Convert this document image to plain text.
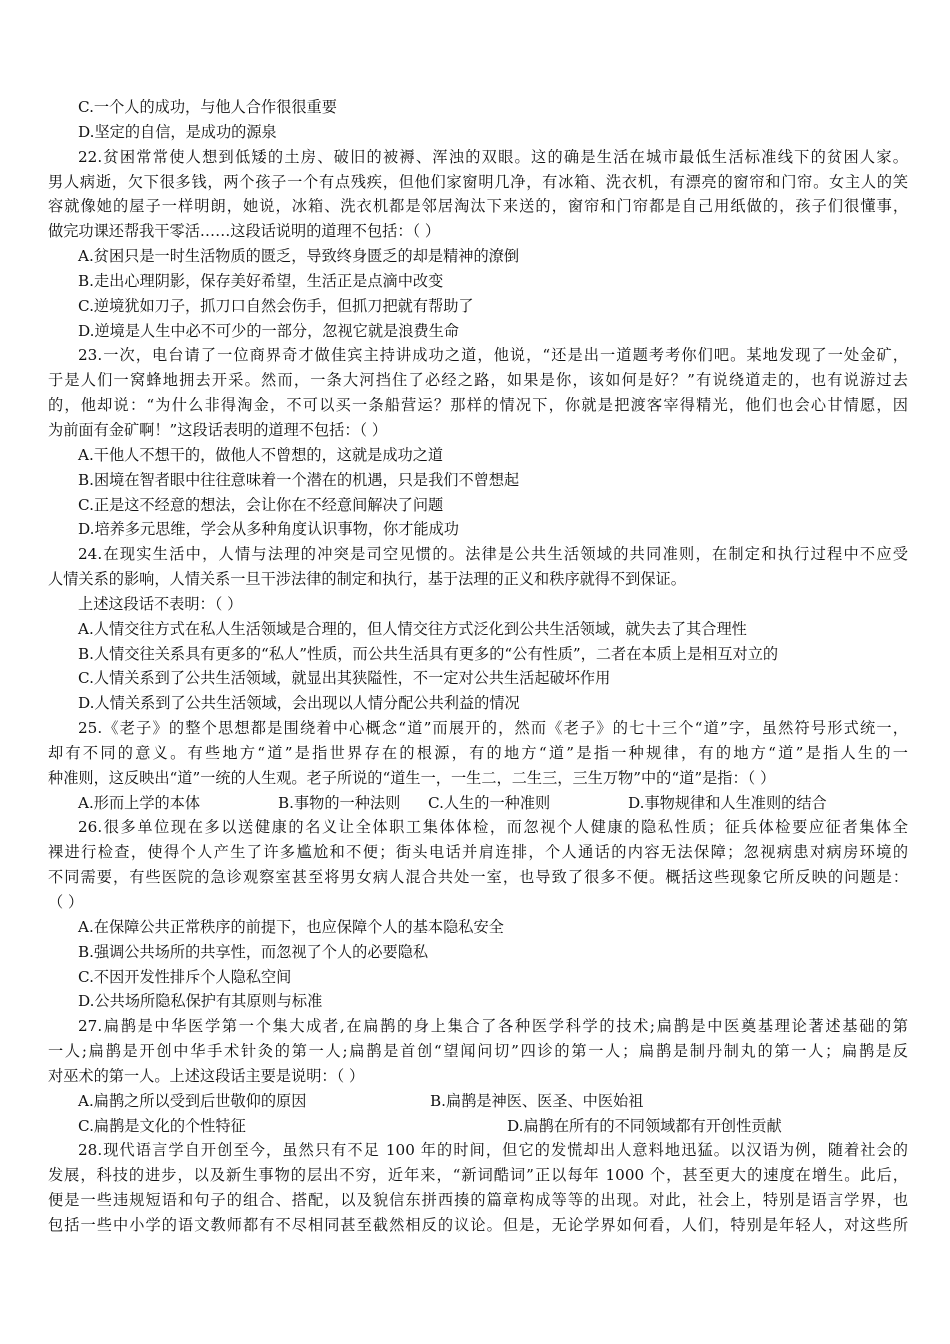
C.一个人的成功，与他人合作很很重要
D.坚定的自信，是成功的源泉
22.贫困常常使人想到低矮的土房、破旧的被褥、浑浊的双眼。这的确是生活在城市最低生活标准线下的贫困人家。
男人病逝，欠下很多钱，两个孩子一个有点残疾，但他们家窗明几净，有冰箱、洗衣机，有漂亮的窗帘和门帘。女主人的笑
容就像她的屋子一样明朗，她说，冰箱、洗衣机都是邻居淘汰下来送的，窗帘和门帘都是自己用纸做的，孩子们很懂事，
做完功课还帮我干零活……这段话说明的道理不包括：（ ）
A.贫困只是一时生活物质的匮乏，导致终身匮乏的却是精神的潦倒
B.走出心理阴影，保存美好希望，生活正是点滴中改变
C.逆境犹如刀子，抓刀口自然会伤手，但抓刀把就有帮助了
D.逆境是人生中必不可少的一部分，忽视它就是浪费生命
23.一次，电台请了一位商界奇才做佳宾主持讲成功之道，他说，“还是出一道题考考你们吧。某地发现了一处金矿，
于是人们一窝蜂地拥去开采。然而，一条大河挡住了必经之路，如果是你，该如何是好？”有说绕道走的，也有说游过去
的，他却说：“为什么非得淘金，不可以买一条船营运？那样的情况下，你就是把渡客宰得精光，他们也会心甘情愿，因
为前面有金矿啊！”这段话表明的道理不包括：（ ）
A.干他人不想干的，做他人不曾想的，这就是成功之道
B.困境在智者眼中往往意味着一个潜在的机遇，只是我们不曾想起
C.正是这不经意的想法，会让你在不经意间解决了问题
D.培养多元思维，学会从多种角度认识事物，你才能成功
24.在现实生活中，人情与法理的冲突是司空见惯的。法律是公共生活领域的共同准则，在制定和执行过程中不应受
人情关系的影响，人情关系一旦干涉法律的制定和执行，基于法理的正义和秩序就得不到保证。
上述这段话不表明：（ ）
A.人情交往方式在私人生活领域是合理的，但人情交往方式泛化到公共生活领域，就失去了其合理性
B.人情交往关系具有更多的“私人”性质，而公共生活具有更多的“公有性质”，二者在本质上是相互对立的
C.人情关系到了公共生活领域，就显出其狭隘性，不一定对公共生活起破坏作用
D.人情关系到了公共生活领域，会出现以人情分配公共利益的情况
25.《老子》的整个思想都是围绕着中心概念“道”而展开的，然而《老子》的七十三个“道”字，虽然符号形式统一，
却有不同的意义。有些地方“道”是指世界存在的根源，有的地方“道”是指一种规律，有的地方“道”是指人生的一
种准则，这反映出“道”一统的人生观。老子所说的“道生一，一生二，二生三，三生万物”中的“道”是指：（ ）
A.形而上学的本体	B.事物的一种法则	C.人生的一种准则	D.事物规律和人生准则的结合
26.很多单位现在多以送健康的名义让全体职工集体体检，而忽视个人健康的隐私性质；征兵体检要应征者集体全
裸进行检查，使得个人产生了许多尴尬和不便；街头电话并肩连排，个人通话的内容无法保障；忽视病患对病房环境的
不同需要，有些医院的急诊观察室甚至将男女病人混合共处一室，也导致了很多不便。概括这些现象它所反映的问题是：
（ ）
A.在保障公共正常秩序的前提下，也应保障个人的基本隐私安全
B.强调公共场所的共享性，而忽视了个人的必要隐私
C.不因开发性排斥个人隐私空间
D.公共场所隐私保护有其原则与标准
27.扁鹊是中华医学第一个集大成者,在扁鹊的身上集合了各种医学科学的技术;扁鹊是中医奠基理论著述基础的第
一人;扁鹊是开创中华手术针灸的第一人;扁鹊是首创“望闻问切”四诊的第一人；扁鹊是制丹制丸的第一人；扁鹊是反
对巫术的第一人。上述这段话主要是说明：（ ）
A.扁鹊之所以受到后世敬仰的原因	B.扁鹊是神医、医圣、中医始祖
C.扁鹊是文化的个性特征	D.扁鹊在所有的不同领域都有开创性贡献
28.现代语言学自开创至今，虽然只有不足 100 年的时间，但它的发慌却出人意料地迅猛。以汉语为例，随着社会的
发展，科技的进步，以及新生事物的层出不穷，近年来，“新词酷词”正以每年 1000 个，甚至更大的速度在增生。此后，
便是一些违规短语和句子的组合、搭配，以及貌信东拼西揍的篇章构成等等的出现。对此，社会上，特别是语言学界，也
包括一些中小学的语文教师都有不尽相同甚至截然相反的议论。但是，无论学界如何看，人们，特别是年轻人，对这些所
